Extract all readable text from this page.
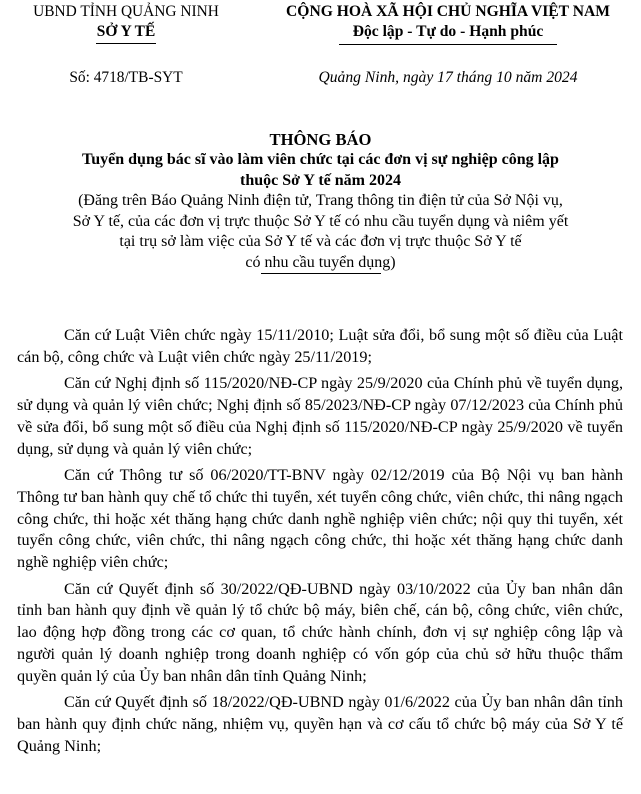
UBND TỈNH QUẢNG NINH
SỞ Y TẾ
Số: 4718/TB-SYT
CỘNG HOÀ XÃ HỘI CHỦ NGHĨA VIỆT NAM
Độc lập - Tự do - Hạnh phúc
Quảng Ninh, ngày 17 tháng 10 năm 2024
THÔNG BÁO
Tuyển dụng bác sĩ vào làm viên chức tại các đơn vị sự nghiệp công lập
thuộc Sở Y tế năm 2024
(Đăng trên Báo Quảng Ninh điện tử, Trang thông tin điện tử của Sở Nội vụ,
Sở Y tế, của các đơn vị trực thuộc Sở Y tế có nhu cầu tuyển dụng và niêm yết
tại trụ sở làm việc của Sở Y tế và các đơn vị trực thuộc Sở Y tế
có nhu cầu tuyển dụng)

Căn cứ Luật Viên chức ngày 15/11/2010; Luật sửa đổi, bổ sung một số điều của Luật cán bộ, công chức và Luật viên chức ngày 25/11/2019;

Căn cứ Nghị định số 115/2020/NĐ-CP ngày 25/9/2020 của Chính phủ về tuyển dụng, sử dụng và quản lý viên chức; Nghị định số 85/2023/NĐ-CP ngày 07/12/2023 của Chính phủ về sửa đổi, bổ sung một số điều của Nghị định số 115/2020/NĐ-CP ngày 25/9/2020 về tuyển dụng, sử dụng và quản lý viên chức;

Căn cứ Thông tư số 06/2020/TT-BNV ngày 02/12/2019 của Bộ Nội vụ ban hành Thông tư ban hành quy chế tổ chức thi tuyển, xét tuyển công chức, viên chức, thi nâng ngạch công chức, thi hoặc xét thăng hạng chức danh nghề nghiệp viên chức; nội quy thi tuyển, xét tuyển công chức, viên chức, thi nâng ngạch công chức, thi hoặc xét thăng hạng chức danh nghề nghiệp viên chức;

Căn cứ Quyết định số 30/2022/QĐ-UBND ngày 03/10/2022 của Ủy ban nhân dân tỉnh ban hành quy định về quản lý tổ chức bộ máy, biên chế, cán bộ, công chức, viên chức, lao động hợp đồng trong các cơ quan, tổ chức hành chính, đơn vị sự nghiệp công lập và người quản lý doanh nghiệp trong doanh nghiệp có vốn góp của chủ sở hữu thuộc thẩm quyền quản lý của Ủy ban nhân dân tỉnh Quảng Ninh;

Căn cứ Quyết định số 18/2022/QĐ-UBND ngày 01/6/2022 của Ủy ban nhân dân tỉnh ban hành quy định chức năng, nhiệm vụ, quyền hạn và cơ cấu tổ chức bộ máy của Sở Y tế Quảng Ninh;
